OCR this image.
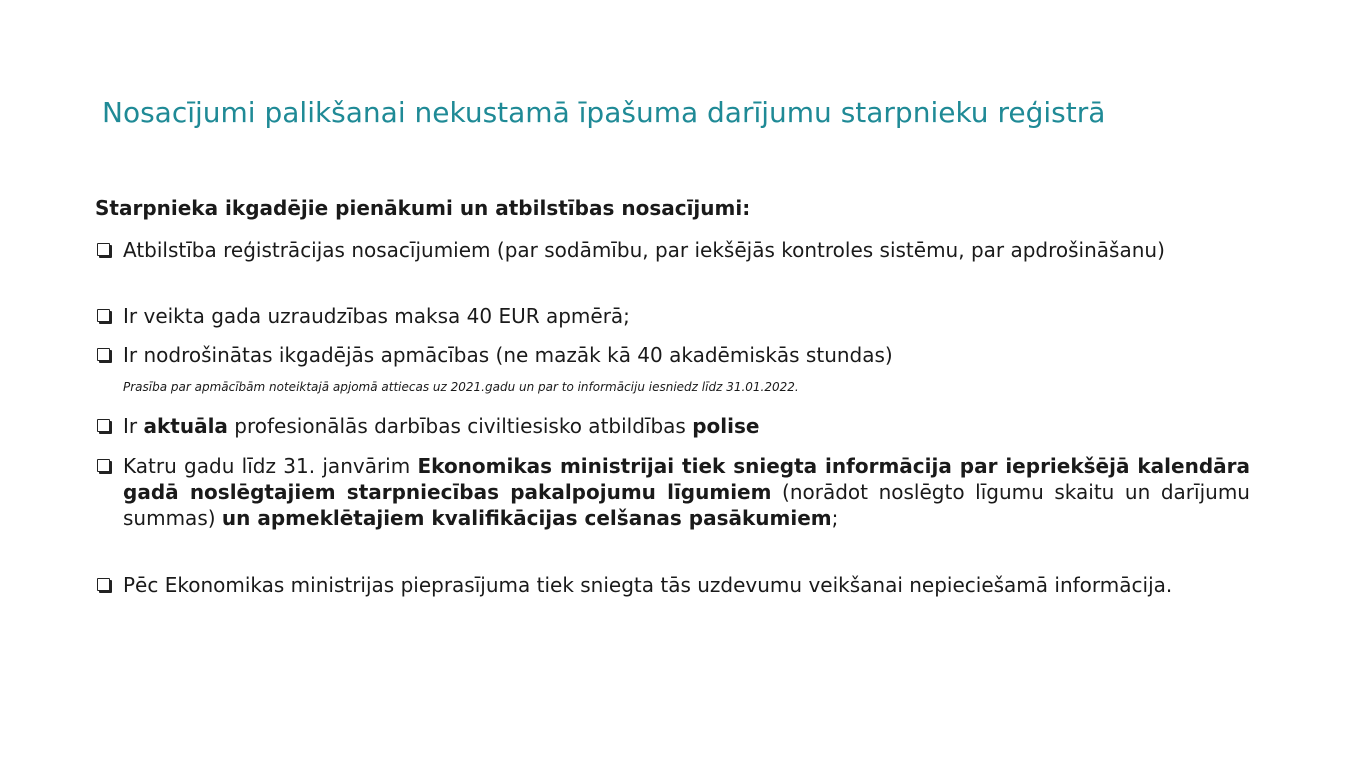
Nosacījumi palikšanai nekustamā īpašuma darījumu starpnieku reģistrā

Starpnieka ikgadējie pienākumi un atbilstības nosacījumi:

Atbilstība reģistrācijas nosacījumiem (par sodāmību, par iekšējās kontroles sistēmu, par apdrošināšanu)
Ir veikta gada uzraudzības maksa 40 EUR apmērā;
Ir nodrošinātas ikgadējās apmācības (ne mazāk kā 40 akadēmiskās stundas)
Prasība par apmācībām noteiktajā apjomā attiecas uz 2021.gadu un par to informāciju iesniedz līdz 31.01.2022.
Ir aktuāla profesionālās darbības civiltiesisko atbildības polise
Katru gadu līdz 31. janvārim Ekonomikas ministrijai tiek sniegta informācija par iepriekšējā kalendāra gadā noslēgtajiem starpniecības pakalpojumu līgumiem (norādot noslēgto līgumu skaitu un darījumu summas) un apmeklētajiem kvalifikācijas celšanas pasākumiem;
Pēc Ekonomikas ministrijas pieprasījuma tiek sniegta tās uzdevumu veikšanai nepieciešamā informācija.
